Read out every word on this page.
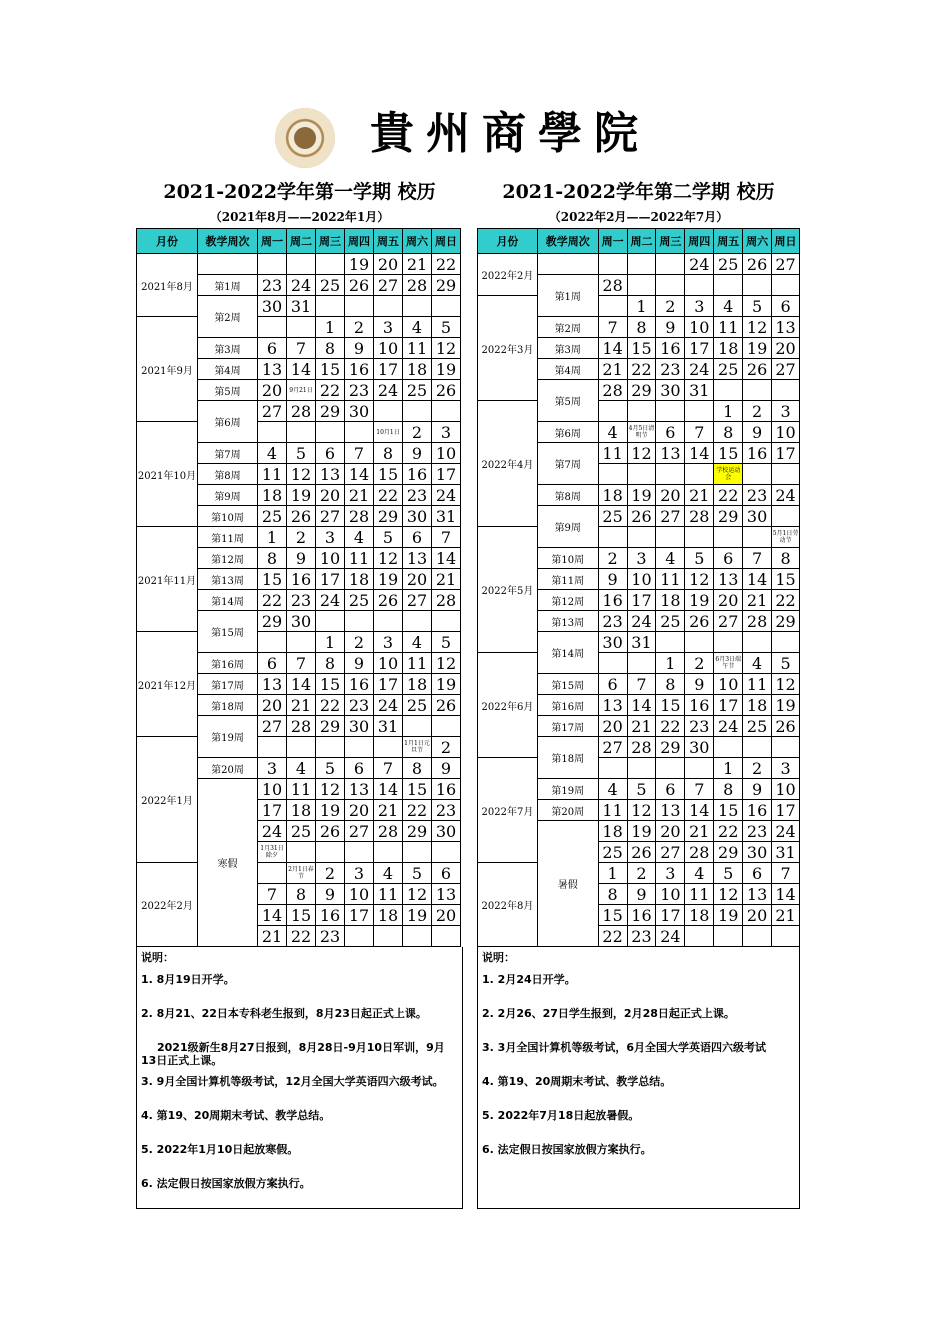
貴州商學院
2021-2022学年第一学期 校历
（2021年8月——2022年1月）
月份	教学周次	周一	周二	周三	周四	周五	周六	周日
2021年8月					19	20	21	22
	第1周	23	24	25	26	27	28	29
	第2周	30	31					
2021年9月				1	2	3	4	5
	第3周	6	7	8	9	10	11	12
	第4周	13	14	15	16	17	18	19
	第5周	20	9月21日	22	23	24	25	26
	第6周	27	28	29	30			
2021年10月						10月1日	2	3
	第7周	4	5	6	7	8	9	10
	第8周	11	12	13	14	15	16	17
	第9周	18	19	20	21	22	23	24
	第10周	25	26	27	28	29	30	31
2021年11月	第11周	1	2	3	4	5	6	7
	第12周	8	9	10	11	12	13	14
	第13周	15	16	17	18	19	20	21
	第14周	22	23	24	25	26	27	28
	第15周	29	30					
2021年12月				1	2	3	4	5
	第16周	6	7	8	9	10	11	12
	第17周	13	14	15	16	17	18	19
	第18周	20	21	22	23	24	25	26
	第19周	27	28	29	30	31		
2022年1月							1月1日元旦节	2
	第20周	3	4	5	6	7	8	9
	寒假	10	11	12	13	14	15	16
		17	18	19	20	21	22	23
		24	25	26	27	28	29	30
		1月31日除夕						
2022年2月			2月1日春节	2	3	4	5	6
		7	8	9	10	11	12	13
		14	15	16	17	18	19	20
		21	22	23				
说明：
1. 8月19日开学。
2. 8月21、22日本专科老生报到，8月23日起正式上课。
2021级新生8月27日报到，8月28日-9月10日军训，9月13日正式上课。
3. 9月全国计算机等级考试，12月全国大学英语四六级考试。
4. 第19、20周期末考试、教学总结。
5. 2022年1月10日起放寒假。
6. 法定假日按国家放假方案执行。
2021-2022学年第二学期 校历
（2022年2月——2022年7月）
月份	教学周次	周一	周二	周三	周四	周五	周六	周日
2022年2月					24	25	26	27
	第1周	28						
2022年3月			1	2	3	4	5	6
	第2周	7	8	9	10	11	12	13
	第3周	14	15	16	17	18	19	20
	第4周	21	22	23	24	25	26	27
	第5周	28	29	30	31			
2022年4月						1	2	3
	第6周	4	4月5日清明节	6	7	8	9	10
	第7周	11	12	13	14	15	16	17
						学校运动会		
	第8周	18	19	20	21	22	23	24
	第9周	25	26	27	28	29	30	
2022年5月								5月1日劳动节
	第10周	2	3	4	5	6	7	8
	第11周	9	10	11	12	13	14	15
	第12周	16	17	18	19	20	21	22
	第13周	23	24	25	26	27	28	29
	第14周	30	31					
2022年6月				1	2	6月3日端午节	4	5
	第15周	6	7	8	9	10	11	12
	第16周	13	14	15	16	17	18	19
	第17周	20	21	22	23	24	25	26
	第18周	27	28	29	30			
2022年7月						1	2	3
	第19周	4	5	6	7	8	9	10
	第20周	11	12	13	14	15	16	17
	暑假	18	19	20	21	22	23	24
		25	26	27	28	29	30	31
2022年8月		1	2	3	4	5	6	7
		8	9	10	11	12	13	14
		15	16	17	18	19	20	21
		22	23	24				
说明：
1. 2月24日开学。
2. 2月26、27日学生报到，2月28日起正式上课。
3. 3月全国计算机等级考试，6月全国大学英语四六级考试
4. 第19、20周期末考试、教学总结。
5. 2022年7月18日起放暑假。
6. 法定假日按国家放假方案执行。
